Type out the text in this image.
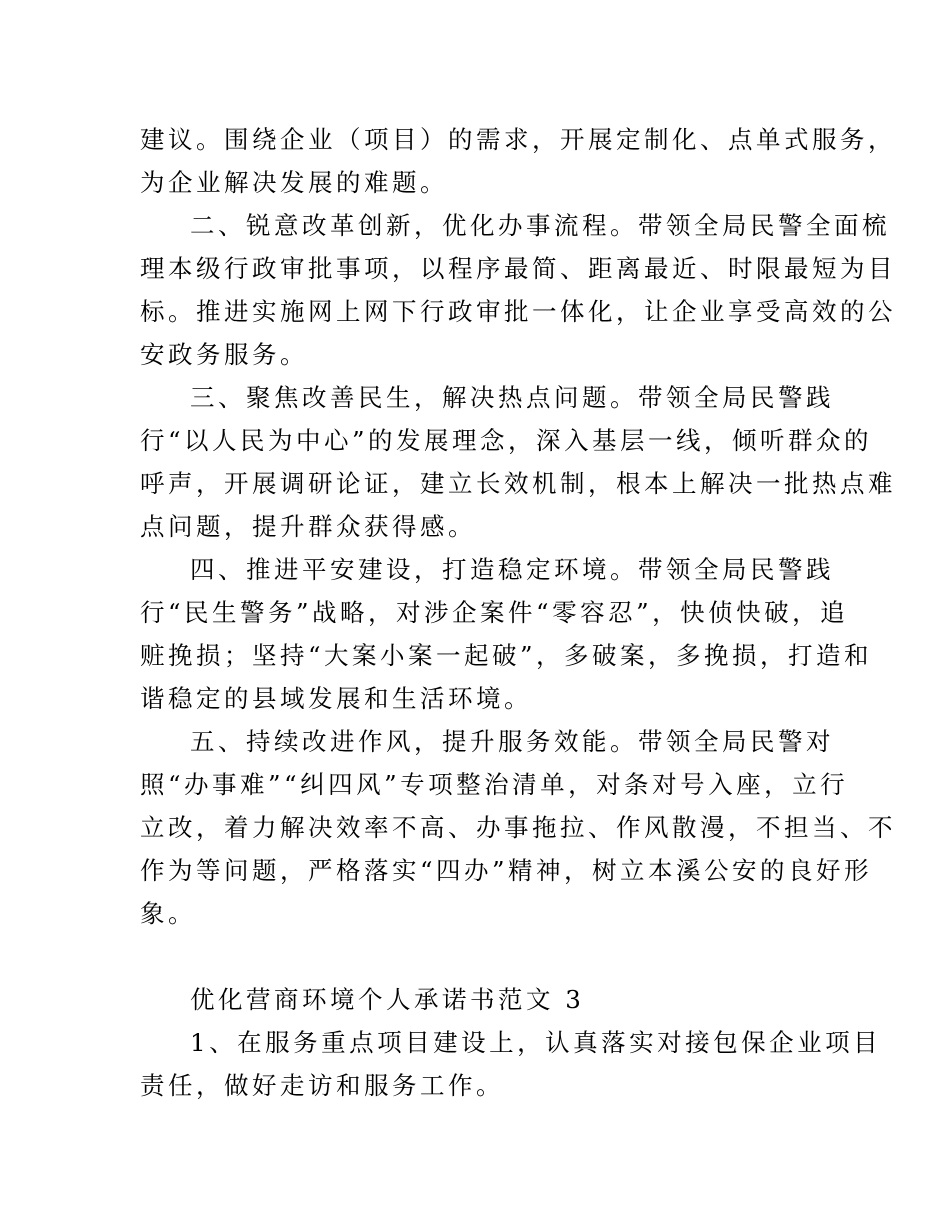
建议。围绕企业（项目）的需求，开展定制化、点单式服务，
为企业解决发展的难题。
二、锐意改革创新，优化办事流程。带领全局民警全面梳
理本级行政审批事项，以程序最简、距离最近、时限最短为目
标。推进实施网上网下行政审批一体化，让企业享受高效的公
安政务服务。
三、聚焦改善民生，解决热点问题。带领全局民警践
行“以人民为中心”的发展理念，深入基层一线，倾听群众的
呼声，开展调研论证，建立长效机制，根本上解决一批热点难
点问题，提升群众获得感。
四、推进平安建设，打造稳定环境。带领全局民警践
行“民生警务”战略，对涉企案件“零容忍”，快侦快破，追
赃挽损；坚持“大案小案一起破”，多破案，多挽损，打造和
谐稳定的县域发展和生活环境。
五、持续改进作风，提升服务效能。带领全局民警对
照“办事难”“纠四风”专项整治清单，对条对号入座，立行
立改，着力解决效率不高、办事拖拉、作风散漫，不担当、不
作为等问题，严格落实“四办”精神，树立本溪公安的良好形
象。
优化营商环境个人承诺书范文 3
1、在服务重点项目建设上，认真落实对接包保企业项目
责任，做好走访和服务工作。
